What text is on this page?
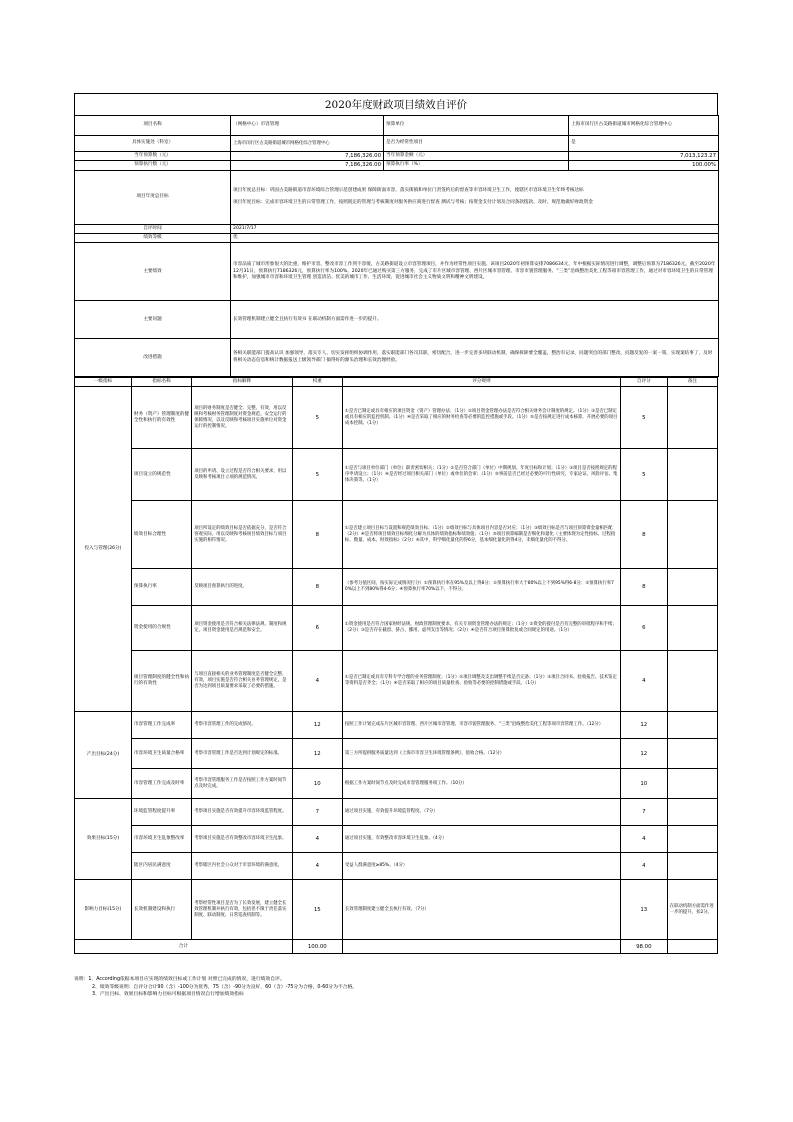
2020年度财政项目绩效自评价
项目名称	（网格中心）市容管理	预算单位	上海市闵行区古美路街道城市网格化综合管理中心
具体实施处（科室）	上海市闵行区古美路街道城市网格化综合管理中心	是否为经常性项目	是
当年预算数（元）	7,186,326.00	当年预算金额（元）	7,013,123.27
预算执行数（元）	7,186,326.00	预算执行率（%）	100.00%
项目年度总目标	项目年度总目标：巩固古美路街道市容环境综合管理示范创建成果 保障街面市容，落实街镇和单位门责签约后的督查等市容环境卫生工作，使辖区市容环境卫生年终考核达标
项目年度目标：完成市容环境卫生的日常管理工作，按照既定的管理与考核制度对服务供应商进行督查 测试与考核；按资金支付计划及合同条款拨款、及时、规范地做好财政资金		

自评时间	2021/7/17		
绩效等级	优		
主要绩效	市容品质了城市形象很大的比重，维护市容、整改市容工作到不容缓，古美路街道设立市容管理项目，并作为经常性项目实施。该项目2020年初预算安排7086634元，年中根据实际情况进行调整，调整后预算为7186326元，截至2020年12月31日，预算执行7186326元，预算执行率为100%。2020年已通过购买第三方服务，完成了市片区城市容管理、西片区城市容管理、市容市貌管理服务、“三类”沿线整治美化工程等项市容管理工作，通过对市容环境卫生的日常管理和维护，加强城市市容和环境卫生管理 创造清洁、优美的城市工作、生活环境，促进城市社会主义物质文明和精神文明建设。		
主要问题	长效管理机制建立健全且执行有效书 在联动机制方面需作进一步的提升。		
改进措施	各相关职能部门提高认识 加强领导，落实专人，切实发挥组织协调作用，落实职能部门各司其职，密切配合，进一步完善多块联动机制，确保拆除要全覆盖，整治有记录，问题突出的部门整改，问题反复的一案一策，实现案结事了，及时将相关动态信息和统计数据报送上级领导部门 搞得好的源头治理和长效治理经验。		
一级指标	指标名称	指标解释	权重	评分规则	自评分	备注
投入与管理(26分)	财务（资产）管理制度的健全性和执行的有效性	项目的财务制度是否健全、完整、有效，用以反映和考核财务管理制度对资金规范、安全运行的保障情况，以及反映和考核项目实施单位对资金运行的控制情况。	5	①是否已制定或具有相应的项目资金（资产）管理办法；（1分）②项目资金管理办法是否符合相关财务会计制度的规定。（1分）③是否已制定或具有相应的监控机制。（1分）④是否采取了相应的财务检查等必要的监控措施或手段。（1分）⑤是否按规定进行成本核算，开展必要的项目成本控制。（1分）	5	
	项目设立的规范性	项目的申请、设立过程是否符合相关要求，用以反映和考核项目立项的规范情况。	5	①是否与项目单位部门（单位）职责密切相关；（1分）②是否符合部门（单位）中期规划、年度目标和计划；（1分）③项目是否按照规定的程序申请设立；（1分）④是否经过项目相关部门（单位）或单位的会审；（1分）⑤事前是否已经过必要的可行性研究、专家论证、风险评估、集体决策等。（1分）	5	
	绩效目标合理性	项目所设定的绩效目标是否依据充分，是否符合客观实际，用以反映和考核项目绩效目标与项目实施的相符情况。	8	①是否建立项目目标与设置和规范绩效目标；（1分）②绩效目标与具体项目内容是否对应；（1分）③绩效目标是否与项目预算资金量相匹配（2分）④是否将项目绩效目标细化分解为具体的绩效指标和绩效值；（1分）⑤项目预算编制是否细化和量化（主要体现为定性指标、过程指标、数量、成本、时效指标）（2分）⑥其中，科学细化量化的得6分，基本细化量化的得4分，未细化量化的不得分。	8	
	预算执行率	反映项目预算执行的进度。	8	（参考分值区间，按实际完成情况打分）①预算执行率在95%及以上得8分；②预算执行率大于80%以上不到95%得6-8分；③预算执行率70%以上不到80%得4-6分；④预算执行率70%以下，不得分。	8	
	资金使用的合规性	项目资金使用是否符合相关法律法规、制度和规定，项目资金使用是否规范和安全。	6	①资金使用是否符合国家财经法规、财政管理制度要求，有关专项资金管理办法的规定；（1分）②资金的拨付是否有完整的审批程序和手续；（2分）③是否存在截留、挤占、挪用、虚列支出等情况；（2分）④是否符合项目预算批复或合同规定的用途。（1分）	6	
	项目管理制度的健全性和执行的有效性	与项目直接相关的业务管理制度是否健全完整、有效，项目实施是否符合相关业务管理规定，是否为达到项目质量要求采取了必要的措施。	4	①是否已制定或具有专科专学合理的业务管理制度；（1分）②项目调整及支出调整手续是否完备；（1分）③项目合同书、验收报告、技术鉴定等资料是否齐全；（1分）④是否采取了相应的项目质量检查、验收等必要的控制措施或手段。（1分）	4	
产出目标(24分)	市容管理工作完成率	考察市容管理工作的完成情况。	12	按照工作计划完成东片区城市容管理、西片区城市容管理、市容市貌管理服务、“三类”沿线整治美化工程等项市容管理工作。（12分）	12	
	市容环境卫生质量合格率	考察市容管理工作是否达到计划规定的标准。	12	第三方所提供服务质量达到《上海市市容卫生环境管理条例》，验收合格。（12分）	12	
	市容管理工作完成及时率	考察市容管理服务工作是否按照工作方案时间节点及时完成。	10	根据工作方案时间节点及时完成市容管理服务项工作。（10分）	10	
效果目标(15分)	环境监管程度提升率	考察项目实施是否有效提升市容环境监管程度。	7	通过项目实施，有效提升环境监管程度。（7分）	7	
	市容环境卫生乱象整改率	考察项目实施是否有效整改市容环境卫生乱象。	4	通过项目实施，有效整改市容环境卫生乱象。（4分）	4	
	辖区内居民满意度	考察辖区内社会公众对于市容环境的满意度。	4	受益人群满意度≥85%。（4分）	4	
影响力目标(15分)	长效机制建设和执行	考察经常性项目是否为了长效发展，建立健全长效管理机制并执行有效，包括但不限于责任落实制度、联动制度、日常巡查机制等。	15	长效管理制度建立健全且执行有效。（7分）	13	在联动机制方面需作进一步的提升，扣2分。
合计			100.00		98.00	
说明：1、According依据本项目应实现的绩效目标或工作计划 对照已完成的情况，进行绩效自评。
2、绩效等级说明：自评分合计90（含）-100分为优秀，75（含）-90分为良好，60（含）-75分为合格，0-60分为不合格。
3、产出目标、效果目标和影响力目标可根据项目情况自行增加绩效指标
